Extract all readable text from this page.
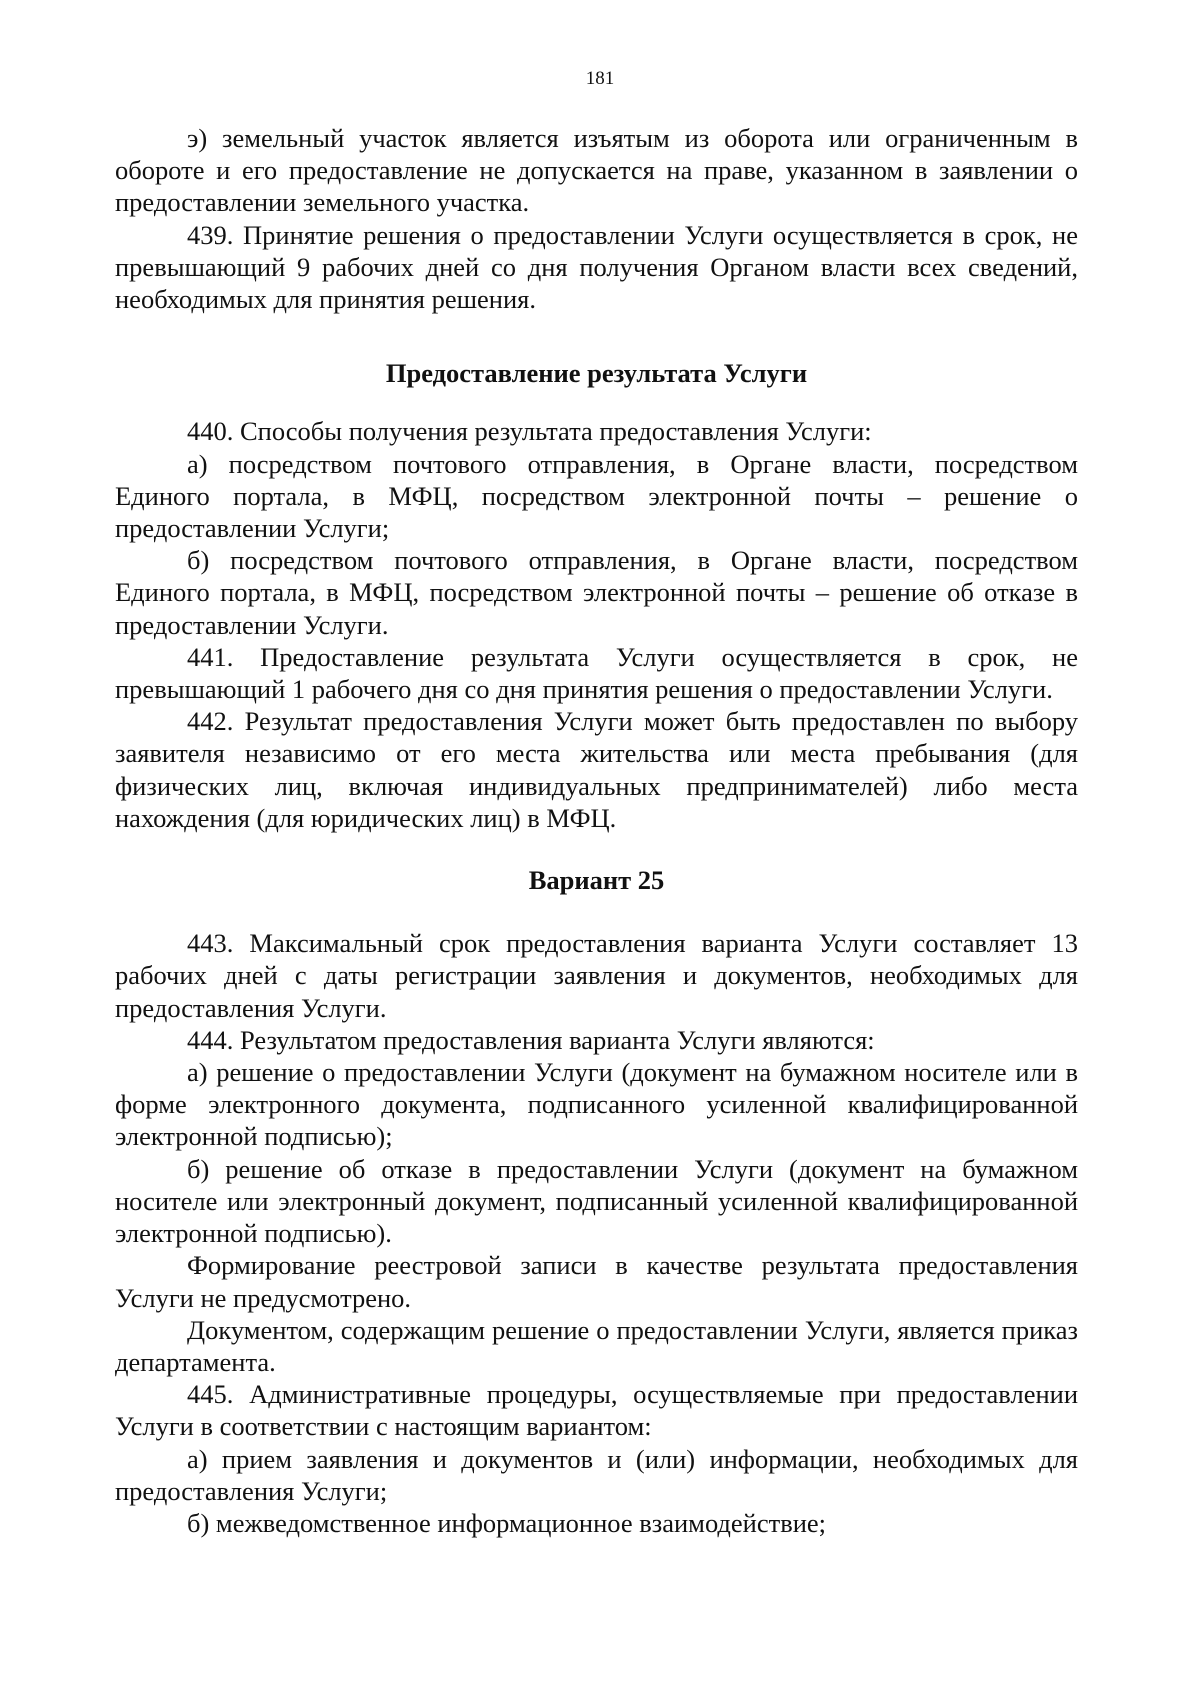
181

э) земельный участок является изъятым из оборота или ограниченным в обороте и его предоставление не допускается на праве, указанном в заявлении о предоставлении земельного участка.

439. Принятие решения о предоставлении Услуги осуществляется в срок, не превышающий 9 рабочих дней со дня получения Органом власти всех сведений, необходимых для принятия решения.

Предоставление результата Услуги

440. Способы получения результата предоставления Услуги:

а) посредством почтового отправления, в Органе власти, посредством Единого портала, в МФЦ, посредством электронной почты – решение о предоставлении Услуги;

б) посредством почтового отправления, в Органе власти, посредством Единого портала, в МФЦ, посредством электронной почты – решение об отказе в предоставлении Услуги.

441. Предоставление результата Услуги осуществляется в срок, не превышающий 1 рабочего дня со дня принятия решения о предоставлении Услуги.

442. Результат предоставления Услуги может быть предоставлен по выбору заявителя независимо от его места жительства или места пребывания (для физических лиц, включая индивидуальных предпринимателей) либо места нахождения (для юридических лиц) в МФЦ.

Вариант 25

443. Максимальный срок предоставления варианта Услуги составляет 13 рабочих дней с даты регистрации заявления и документов, необходимых для предоставления Услуги.

444. Результатом предоставления варианта Услуги являются:

а) решение о предоставлении Услуги (документ на бумажном носителе или в форме электронного документа, подписанного усиленной квалифицированной электронной подписью);

б) решение об отказе в предоставлении Услуги (документ на бумажном носителе или электронный документ, подписанный усиленной квалифицированной электронной подписью).

Формирование реестровой записи в качестве результата предоставления Услуги не предусмотрено.

Документом, содержащим решение о предоставлении Услуги, является приказ департамента.

445. Административные процедуры, осуществляемые при предоставлении Услуги в соответствии с настоящим вариантом:

а) прием заявления и документов и (или) информации, необходимых для предоставления Услуги;

б) межведомственное информационное взаимодействие;
